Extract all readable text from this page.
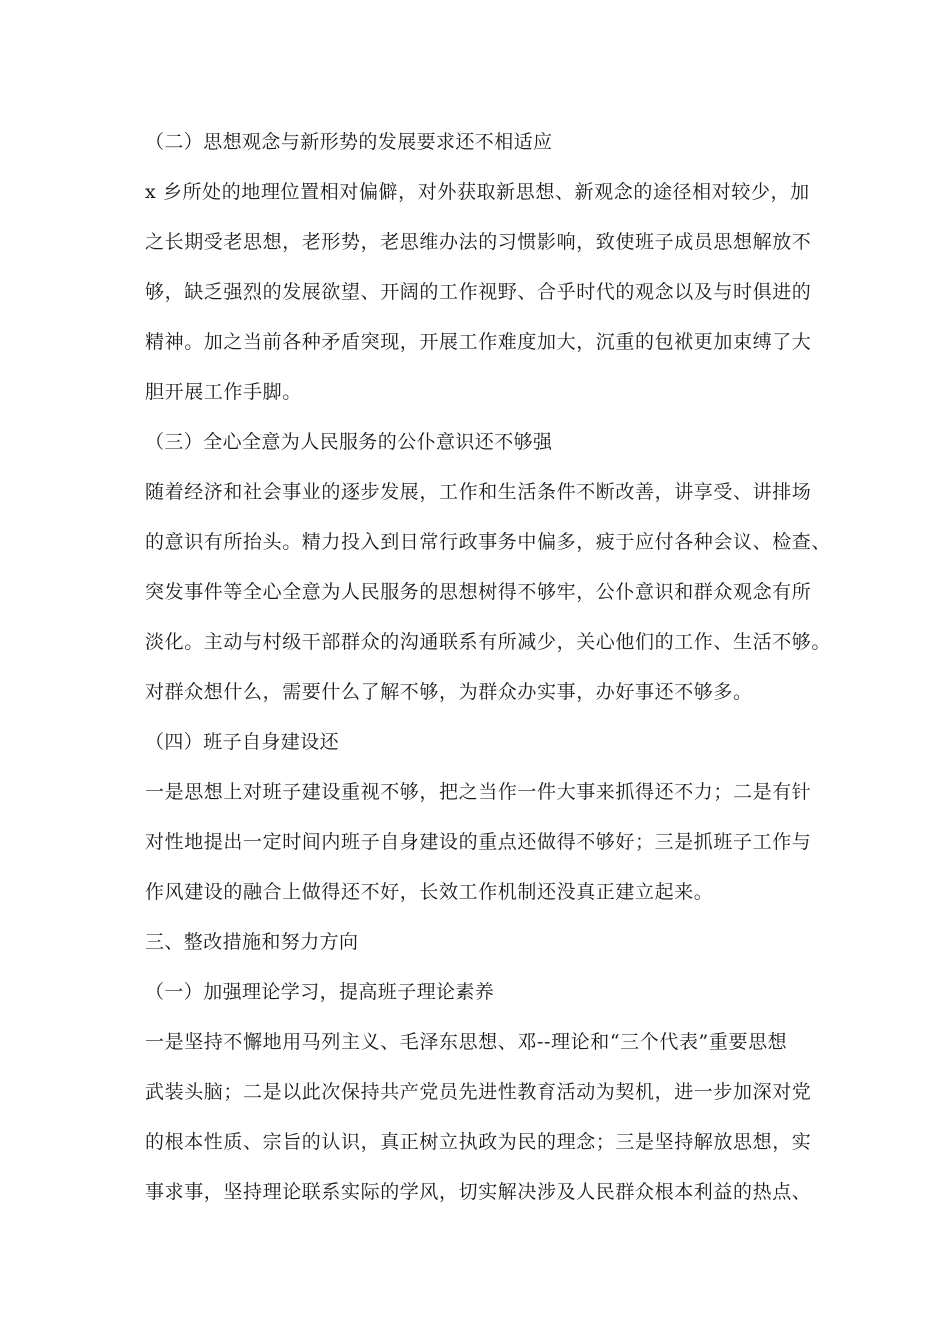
（二）思想观念与新形势的发展要求还不相适应
x 乡所处的地理位置相对偏僻，对外获取新思想、新观念的途径相对较少，加
之长期受老思想，老形势，老思维办法的习惯影响，致使班子成员思想解放不
够，缺乏强烈的发展欲望、开阔的工作视野、合乎时代的观念以及与时俱进的
精神。加之当前各种矛盾突现，开展工作难度加大，沉重的包袱更加束缚了大
胆开展工作手脚。
（三）全心全意为人民服务的公仆意识还不够强
随着经济和社会事业的逐步发展，工作和生活条件不断改善，讲享受、讲排场
的意识有所抬头。精力投入到日常行政事务中偏多，疲于应付各种会议、检查、
突发事件等全心全意为人民服务的思想树得不够牢，公仆意识和群众观念有所
淡化。主动与村级干部群众的沟通联系有所减少，关心他们的工作、生活不够。
对群众想什么，需要什么了解不够，为群众办实事，办好事还不够多。
（四）班子自身建设还
一是思想上对班子建设重视不够，把之当作一件大事来抓得还不力；二是有针
对性地提出一定时间内班子自身建设的重点还做得不够好；三是抓班子工作与
作风建设的融合上做得还不好，长效工作机制还没真正建立起来。
三、整改措施和努力方向
（一）加强理论学习，提高班子理论素养
一是坚持不懈地用马列主义、毛泽东思想、邓--理论和“三个代表”重要思想
武装头脑；二是以此次保持共产党员先进性教育活动为契机，进一步加深对党
的根本性质、宗旨的认识，真正树立执政为民的理念；三是坚持解放思想，实
事求事，坚持理论联系实际的学风，切实解决涉及人民群众根本利益的热点、
